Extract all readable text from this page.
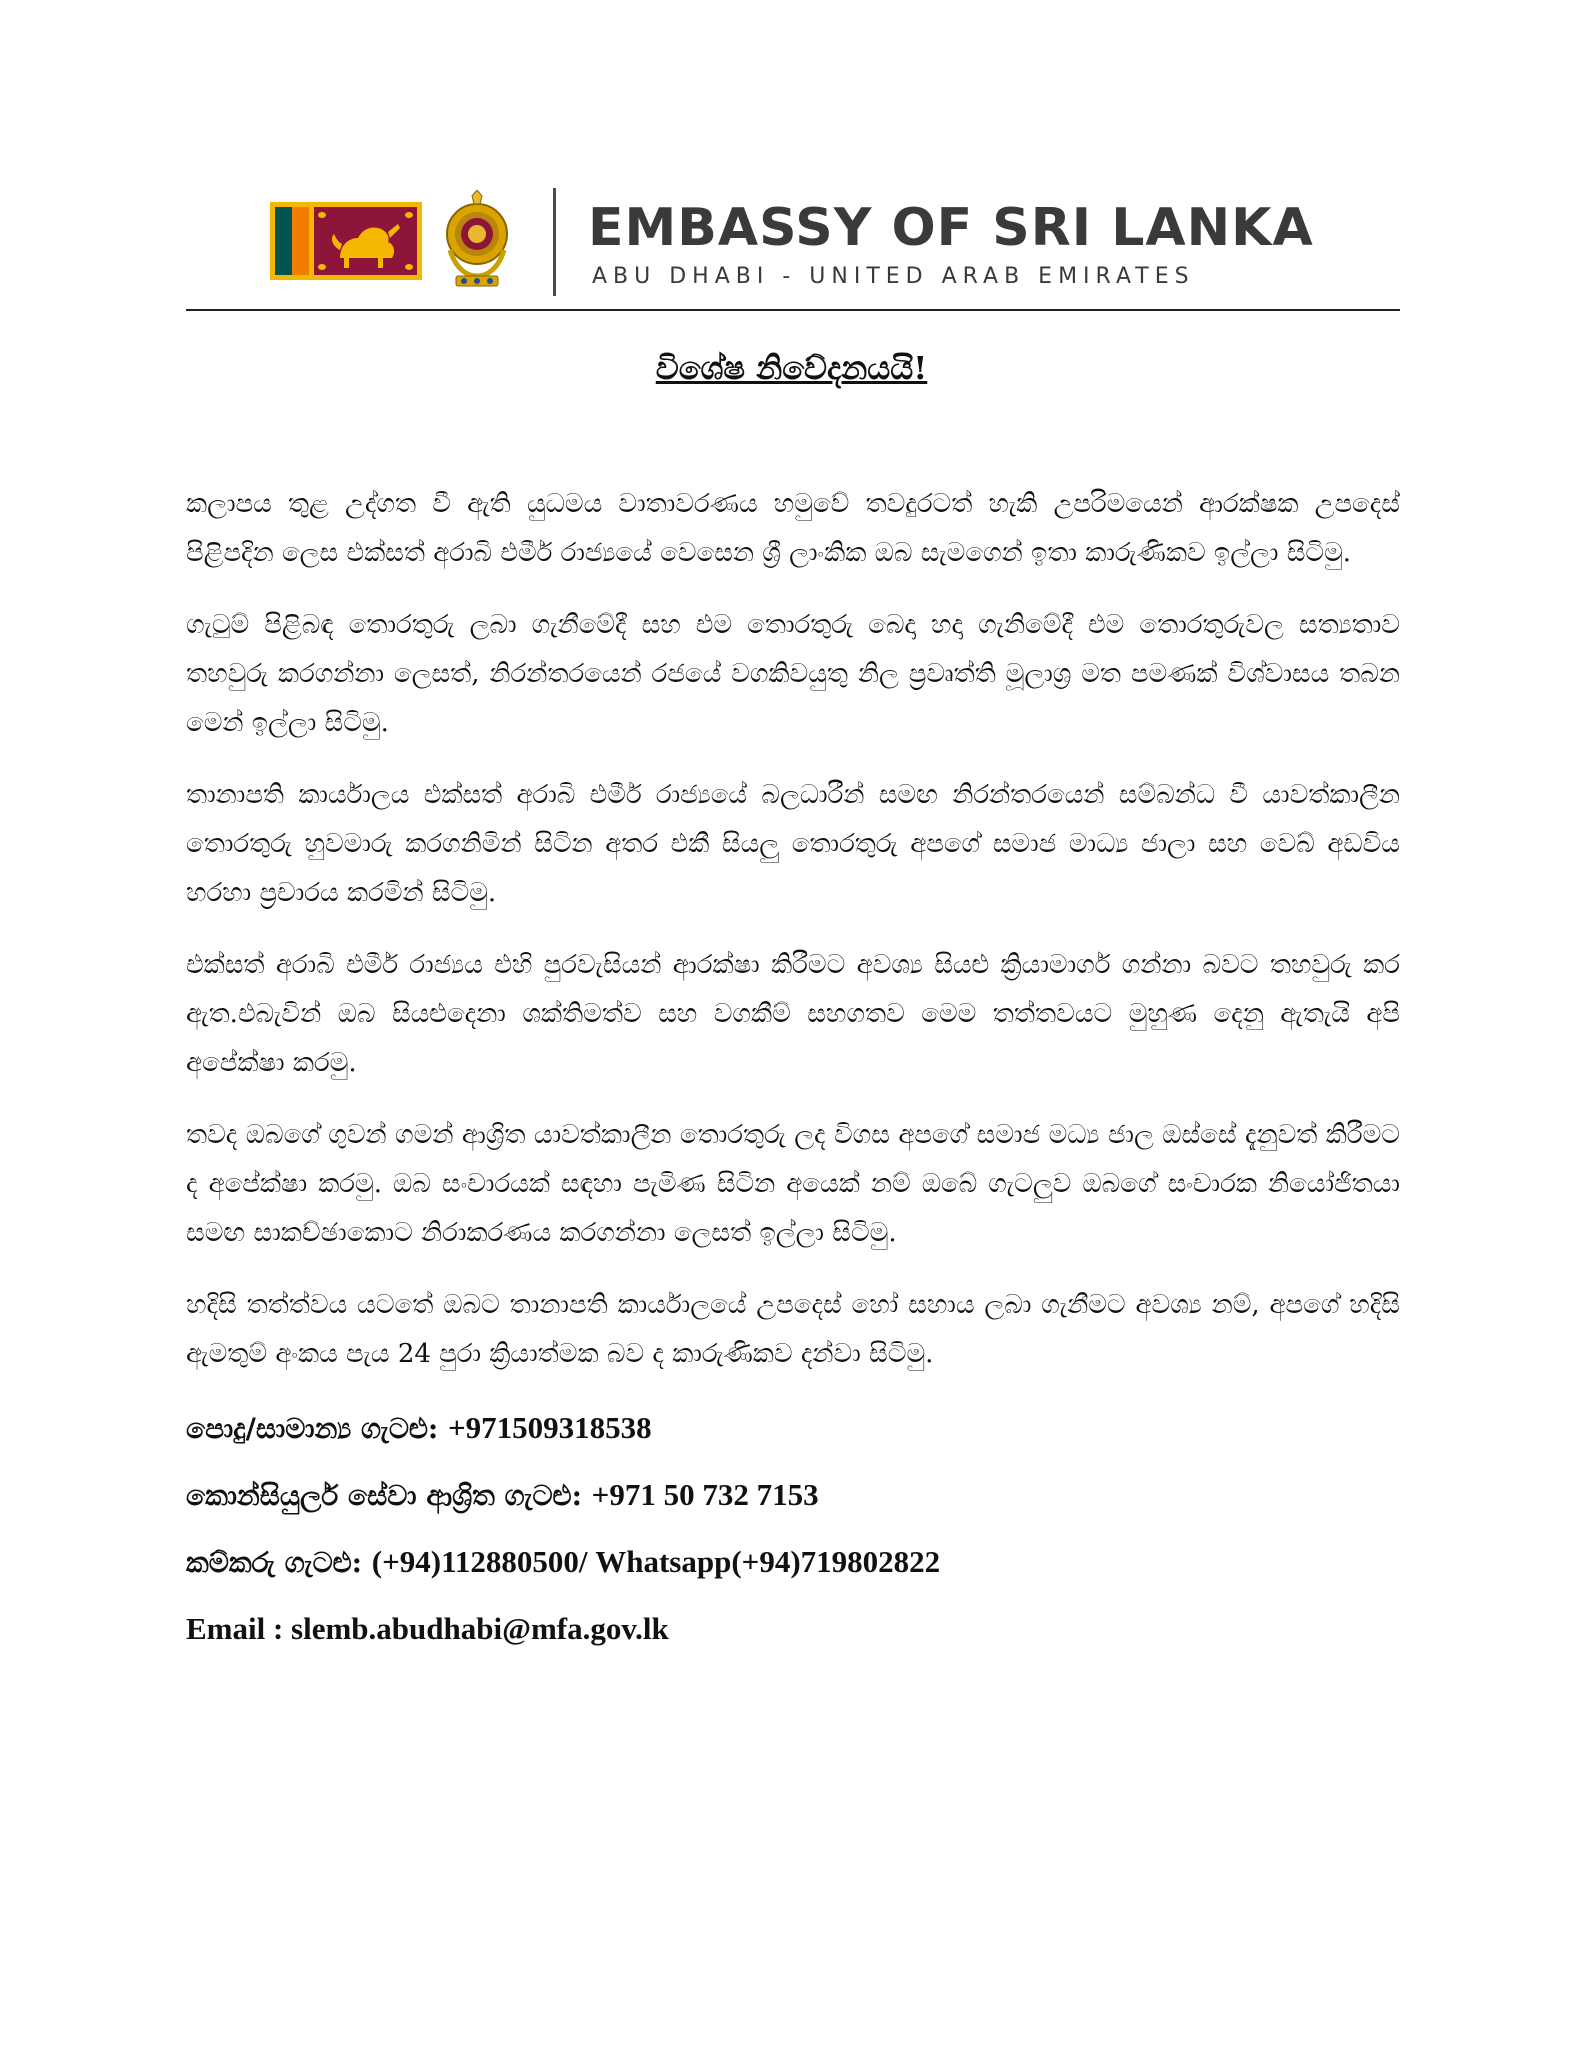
EMBASSY OF SRI LANKA
ABU DHABI - UNITED ARAB EMIRATES
විශේෂ නිවේදනයයි!

කලාපය තුළ උද්ගත වී ඇති යුධමය වාතාවරණය හමුවේ තවදුරටත් හැකි උපරිමයෙන් ආරක්ෂක උපදෙස් පිළිපදින ලෙස එක්සත් අරාබි එමීර් රාජ්‍යයේ වෙසෙන ශ්‍රී ලාංකික ඔබ සැමගෙන් ඉතා කාරුණිකව ඉල්ලා සිටිමු.

ගැටුම් පිළිබඳ තොරතුරු ලබා ගැනීමේදී සහ එම තොරතුරු බෙදා හදා ගැනිමේදී එම තොරතුරුවල සත්‍යතාව තහවුරු කරගන්නා ලෙසත්, නිරන්තරයෙන් රජයේ වගකිවයුතු නිල ප්‍රවෘත්ති මූලාශ්‍ර මත පමණක් විශ්වාසය තබන මෙන් ඉල්ලා සිටිමු.

තානාපති කාර්යාලය එක්සත් අරාබි එමීර් රාජ්‍යයේ බලධාරීන් සමඟ නිරන්තරයෙන් සම්බන්ධ වී යාවත්කාලීන තොරතුරු හුවමාරු කරගනිමින් සිටින අතර එකී සියලු තොරතුරු අපගේ සමාජ මාධ්‍ය ජාලා සහ වෙබ් අඩවිය හරහා ප්‍රචාරය කරමින් සිටිමු.

එක්සත් අරාබි එමීර් රාජ්‍යය එහි පුරවැසියන් ආරක්ෂා කිරීමට අවශ්‍ය සියළු ක්‍රියාමාර්ග ගන්නා බවට තහවුරු කර ඇත.එබැවින් ඔබ සියළුදෙනා ශක්තිමත්ව සහ වගකීම් සහගතව මෙම තත්තවයට මුහුණ දෙනු ඇතැයි අපි අපේක්ෂා කරමු.

තවද ඔබගේ ගුවන් ගමන් ආශ්‍රිත යාවත්කාලීන තොරතුරු ලද විගස අපගේ සමාජ මධ්‍ය ජාල ඔස්සේ දැනුවත් කිරීමට ද අපේක්ෂා කරමු. ඔබ සංචාරයක් සඳහා පැමිණ සිටින අයෙක් නම් ඔබේ ගැටලුව ඔබගේ සංචාරක නියෝජිතයා සමඟ සාකච්ඡාකොට නිරාකරණය කරගන්නා ලෙසත් ඉල්ලා සිටිමු.

හදිසි තත්ත්වය යටතේ ඔබට තානාපති කාර්යාලයේ උපදෙස් හෝ සහාය ලබා ගැනීමට අවශ්‍ය නම්, අපගේ හදිසි ඇමතුම් අංකය පැය 24 පුරා ක්‍රියාත්මක බව ද කාරුණිකව දන්වා සිටිමු.

පොදු/සාමාන්‍ය ගැටළු: +971509318538
කොන්සියුලර් සේවා ආශ්‍රිත ගැටළු: +971 50 732 7153
කම්කරු ගැටළු: (+94)112880500/ Whatsapp(+94)719802822
Email : slemb.abudhabi@mfa.gov.lk
